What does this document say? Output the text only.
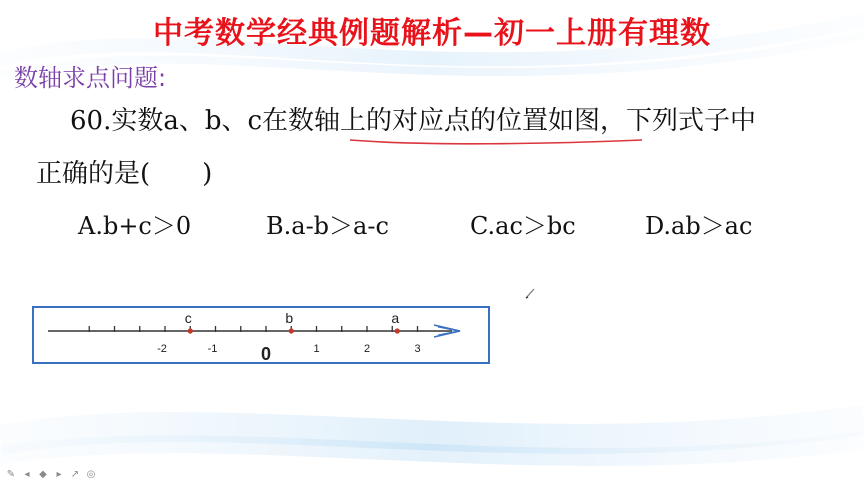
中考数学经典例题解析—初一上册有理数
数轴求点问题:
60.实数a、b、c在数轴上的对应点的位置如图，下列式子中
正确的是(　　)
A.b+c＞0	B.a-b＞a-c	C.ac＞bc	D.ab＞ac
-2	-1 0	1	2	3
c	b	a
✎ ◂ ◆ ▸ ↗ ◎
